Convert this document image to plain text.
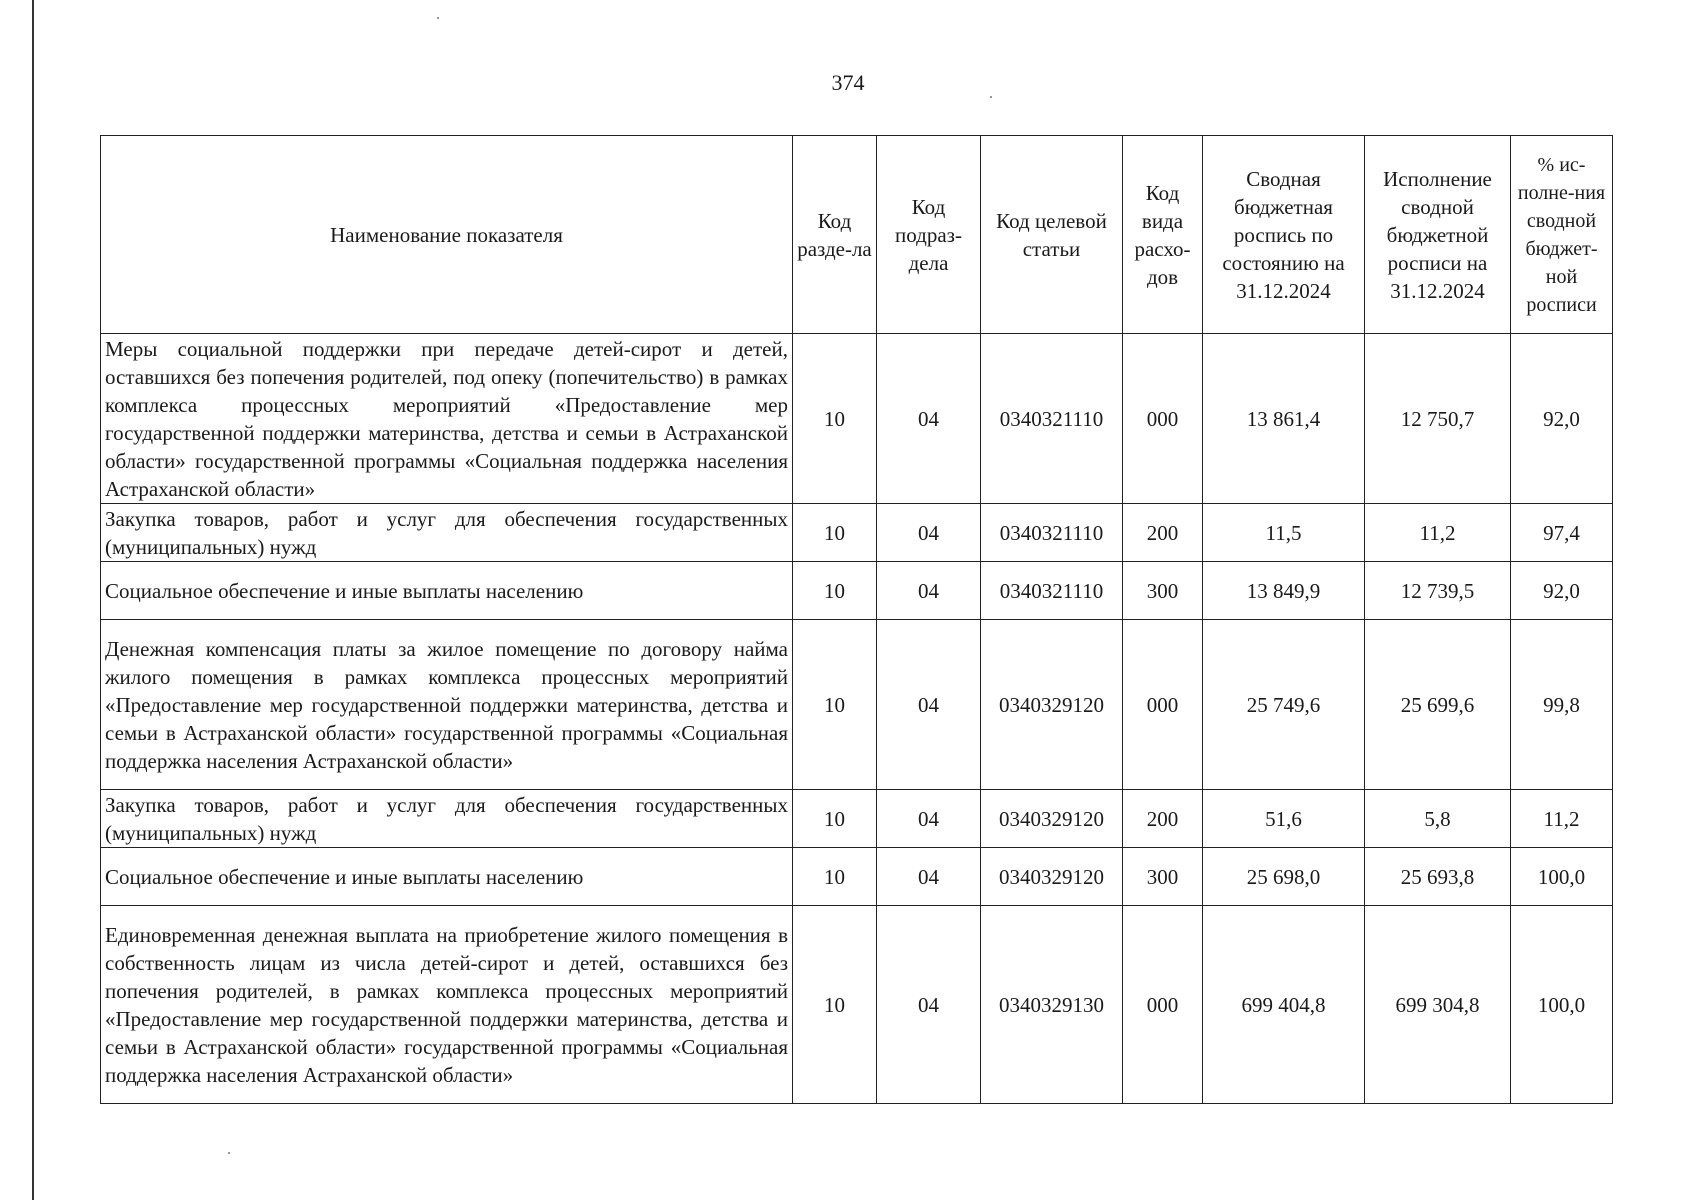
374
Наименование показателя	Код разде-ла	Код подраз-дела	Код целевой статьи	Код вида расхо-дов	Сводная бюджетная роспись по состоянию на 31.12.2024	Исполнение сводной бюджетной росписи на 31.12.2024	% ис-полне-ния сводной бюджет-ной росписи
Меры социальной поддержки при передаче детей-сирот и детей, оставшихся без попечения родителей, под опеку (попечительство) в рамках комплекса процессных мероприятий «Предоставление мер государственной поддержки материнства, детства и семьи в Астраханской области» государственной программы «Социальная поддержка населения Астраханской области»	10	04	0340321110	000	13 861,4	12 750,7	92,0
Закупка товаров, работ и услуг для обеспечения государственных (муниципальных) нужд	10	04	0340321110	200	11,5	11,2	97,4
Социальное обеспечение и иные выплаты населению	10	04	0340321110	300	13 849,9	12 739,5	92,0
Денежная компенсация платы за жилое помещение по договору найма жилого помещения в рамках комплекса процессных мероприятий «Предоставление мер государственной поддержки материнства, детства и семьи в Астраханской области» государственной программы «Социальная поддержка населения Астраханской области»	10	04	0340329120	000	25 749,6	25 699,6	99,8
Закупка товаров, работ и услуг для обеспечения государственных (муниципальных) нужд	10	04	0340329120	200	51,6	5,8	11,2
Социальное обеспечение и иные выплаты населению	10	04	0340329120	300	25 698,0	25 693,8	100,0
Единовременная денежная выплата на приобретение жилого помещения в собственность лицам из числа детей-сирот и детей, оставшихся без попечения родителей, в рамках комплекса процессных мероприятий «Предоставление мер государственной поддержки материнства, детства и семьи в Астраханской области» государственной программы «Социальная поддержка населения Астраханской области»	10	04	0340329130	000	699 404,8	699 304,8	100,0
